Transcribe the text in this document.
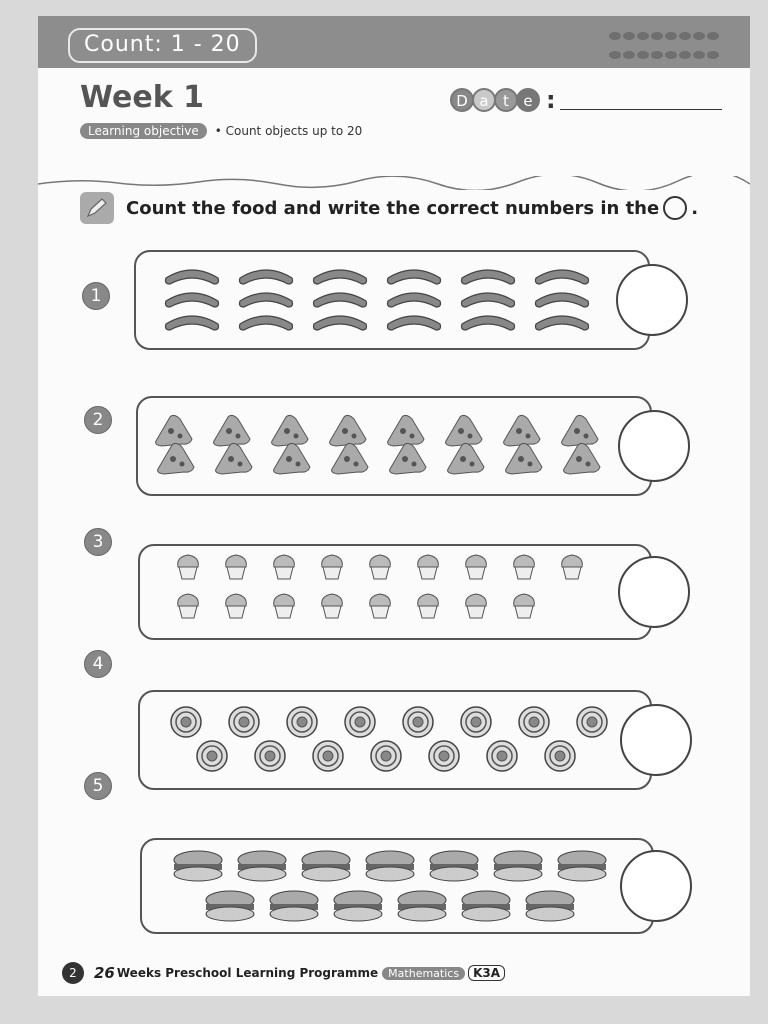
Count: 1 - 20

Week 1	D a t e :
Learning objective	• Count objects up to 20
Count the food and write the correct numbers in the .
1
2
3
4
5
2	26 Weeks Preschool Learning Programme Mathematics	K3A
